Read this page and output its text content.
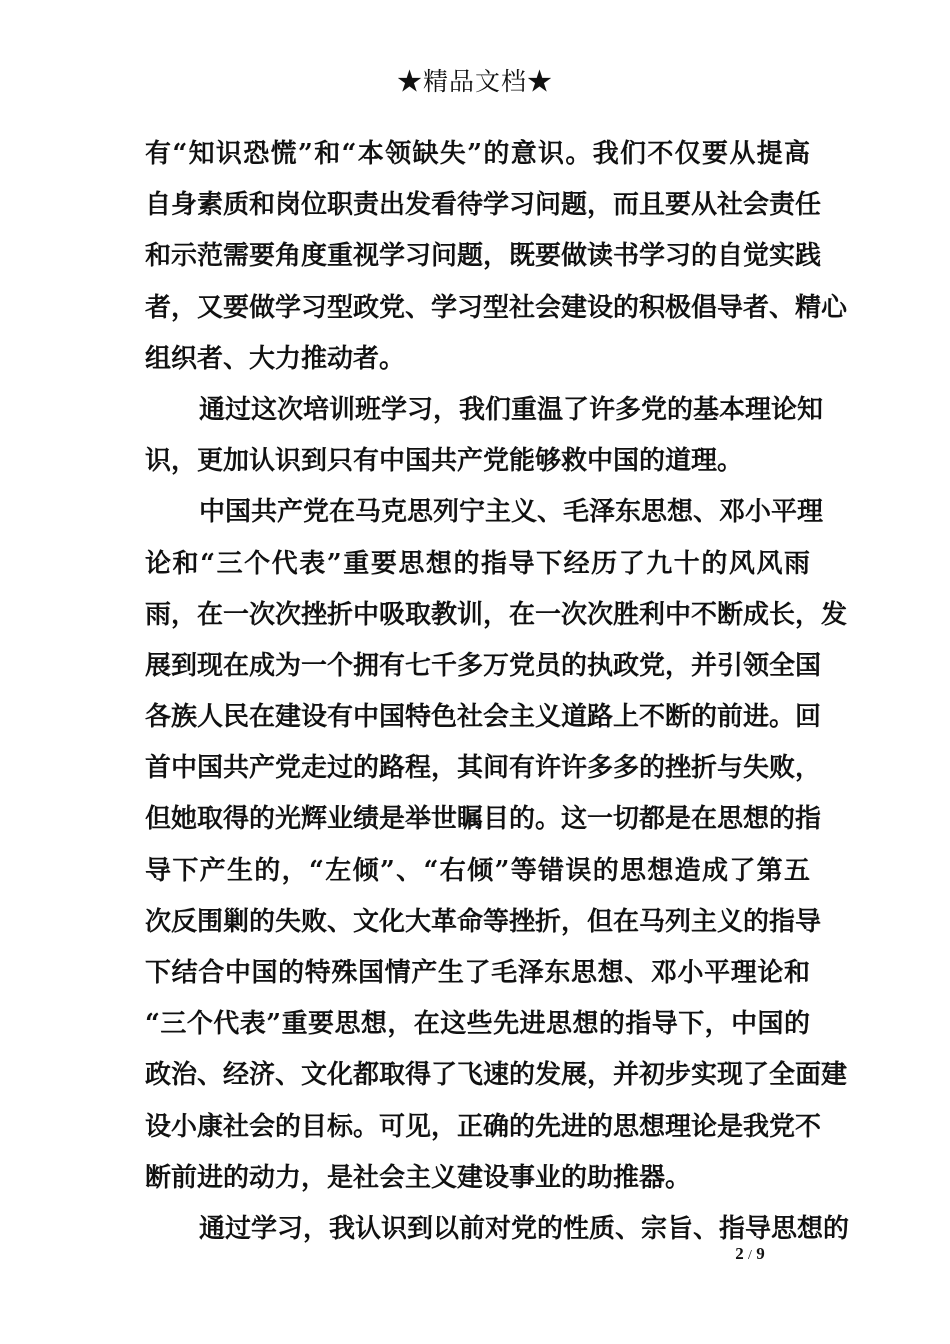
★精品文档★
有“知识恐慌”和“本领缺失”的意识。我们不仅要从提高
自身素质和岗位职责出发看待学习问题，而且要从社会责任
和示范需要角度重视学习问题，既要做读书学习的自觉实践
者，又要做学习型政党、学习型社会建设的积极倡导者、精心
组织者、大力推动者。
通过这次培训班学习，我们重温了许多党的基本理论知
识，更加认识到只有中国共产党能够救中国的道理。
中国共产党在马克思列宁主义、毛泽东思想、邓小平理
论和“三个代表”重要思想的指导下经历了九十的风风雨
雨，在一次次挫折中吸取教训，在一次次胜利中不断成长，发
展到现在成为一个拥有七千多万党员的执政党，并引领全国
各族人民在建设有中国特色社会主义道路上不断的前进。回
首中国共产党走过的路程，其间有许许多多的挫折与失败，
但她取得的光辉业绩是举世瞩目的。这一切都是在思想的指
导下产生的，“左倾”、“右倾”等错误的思想造成了第五
次反围剿的失败、文化大革命等挫折，但在马列主义的指导
下结合中国的特殊国情产生了毛泽东思想、邓小平理论和
“三个代表”重要思想，在这些先进思想的指导下，中国的
政治、经济、文化都取得了飞速的发展，并初步实现了全面建
设小康社会的目标。可见，正确的先进的思想理论是我党不
断前进的动力，是社会主义建设事业的助推器。
通过学习，我认识到以前对党的性质、宗旨、指导思想的
2 / 9
